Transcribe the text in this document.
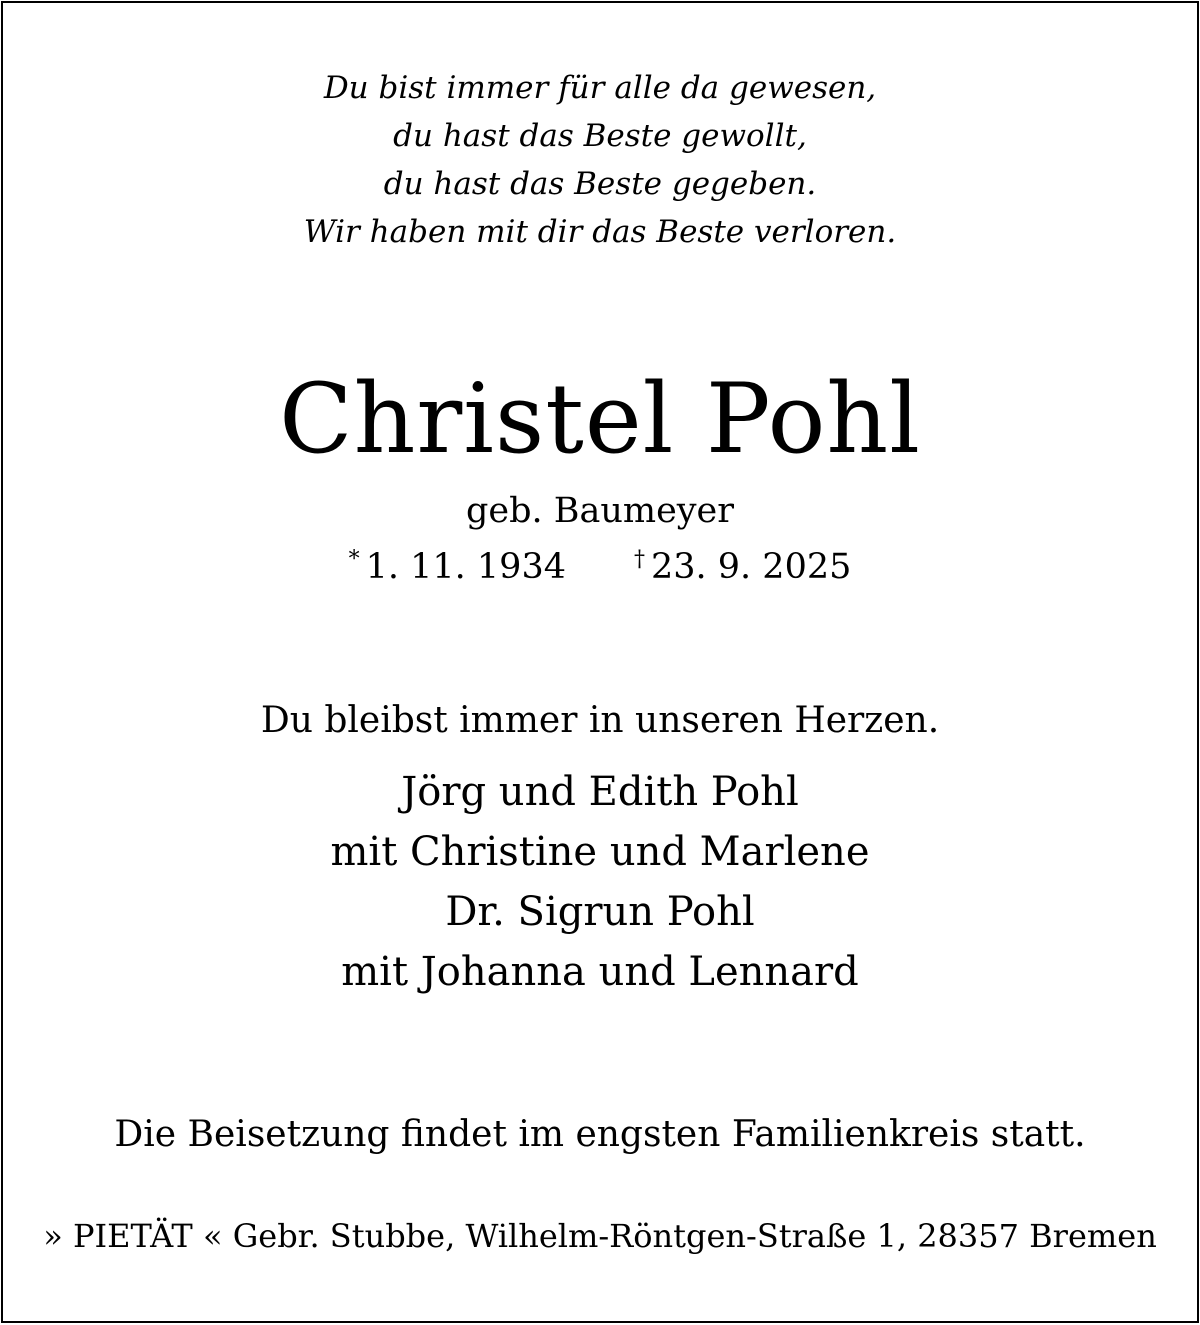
Du bist immer für alle da gewesen,
du hast das Beste gewollt,
du hast das Beste gegeben.
Wir haben mit dir das Beste verloren.
Christel Pohl
geb. Baumeyer
* 1. 11. 1934	† 23. 9. 2025
Du bleibst immer in unseren Herzen.
Jörg und Edith Pohl
mit Christine und Marlene
Dr. Sigrun Pohl
mit Johanna und Lennard
Die Beisetzung findet im engsten Familienkreis statt.
» PIETÄT « Gebr. Stubbe, Wilhelm-Röntgen-Straße 1, 28357 Bremen
